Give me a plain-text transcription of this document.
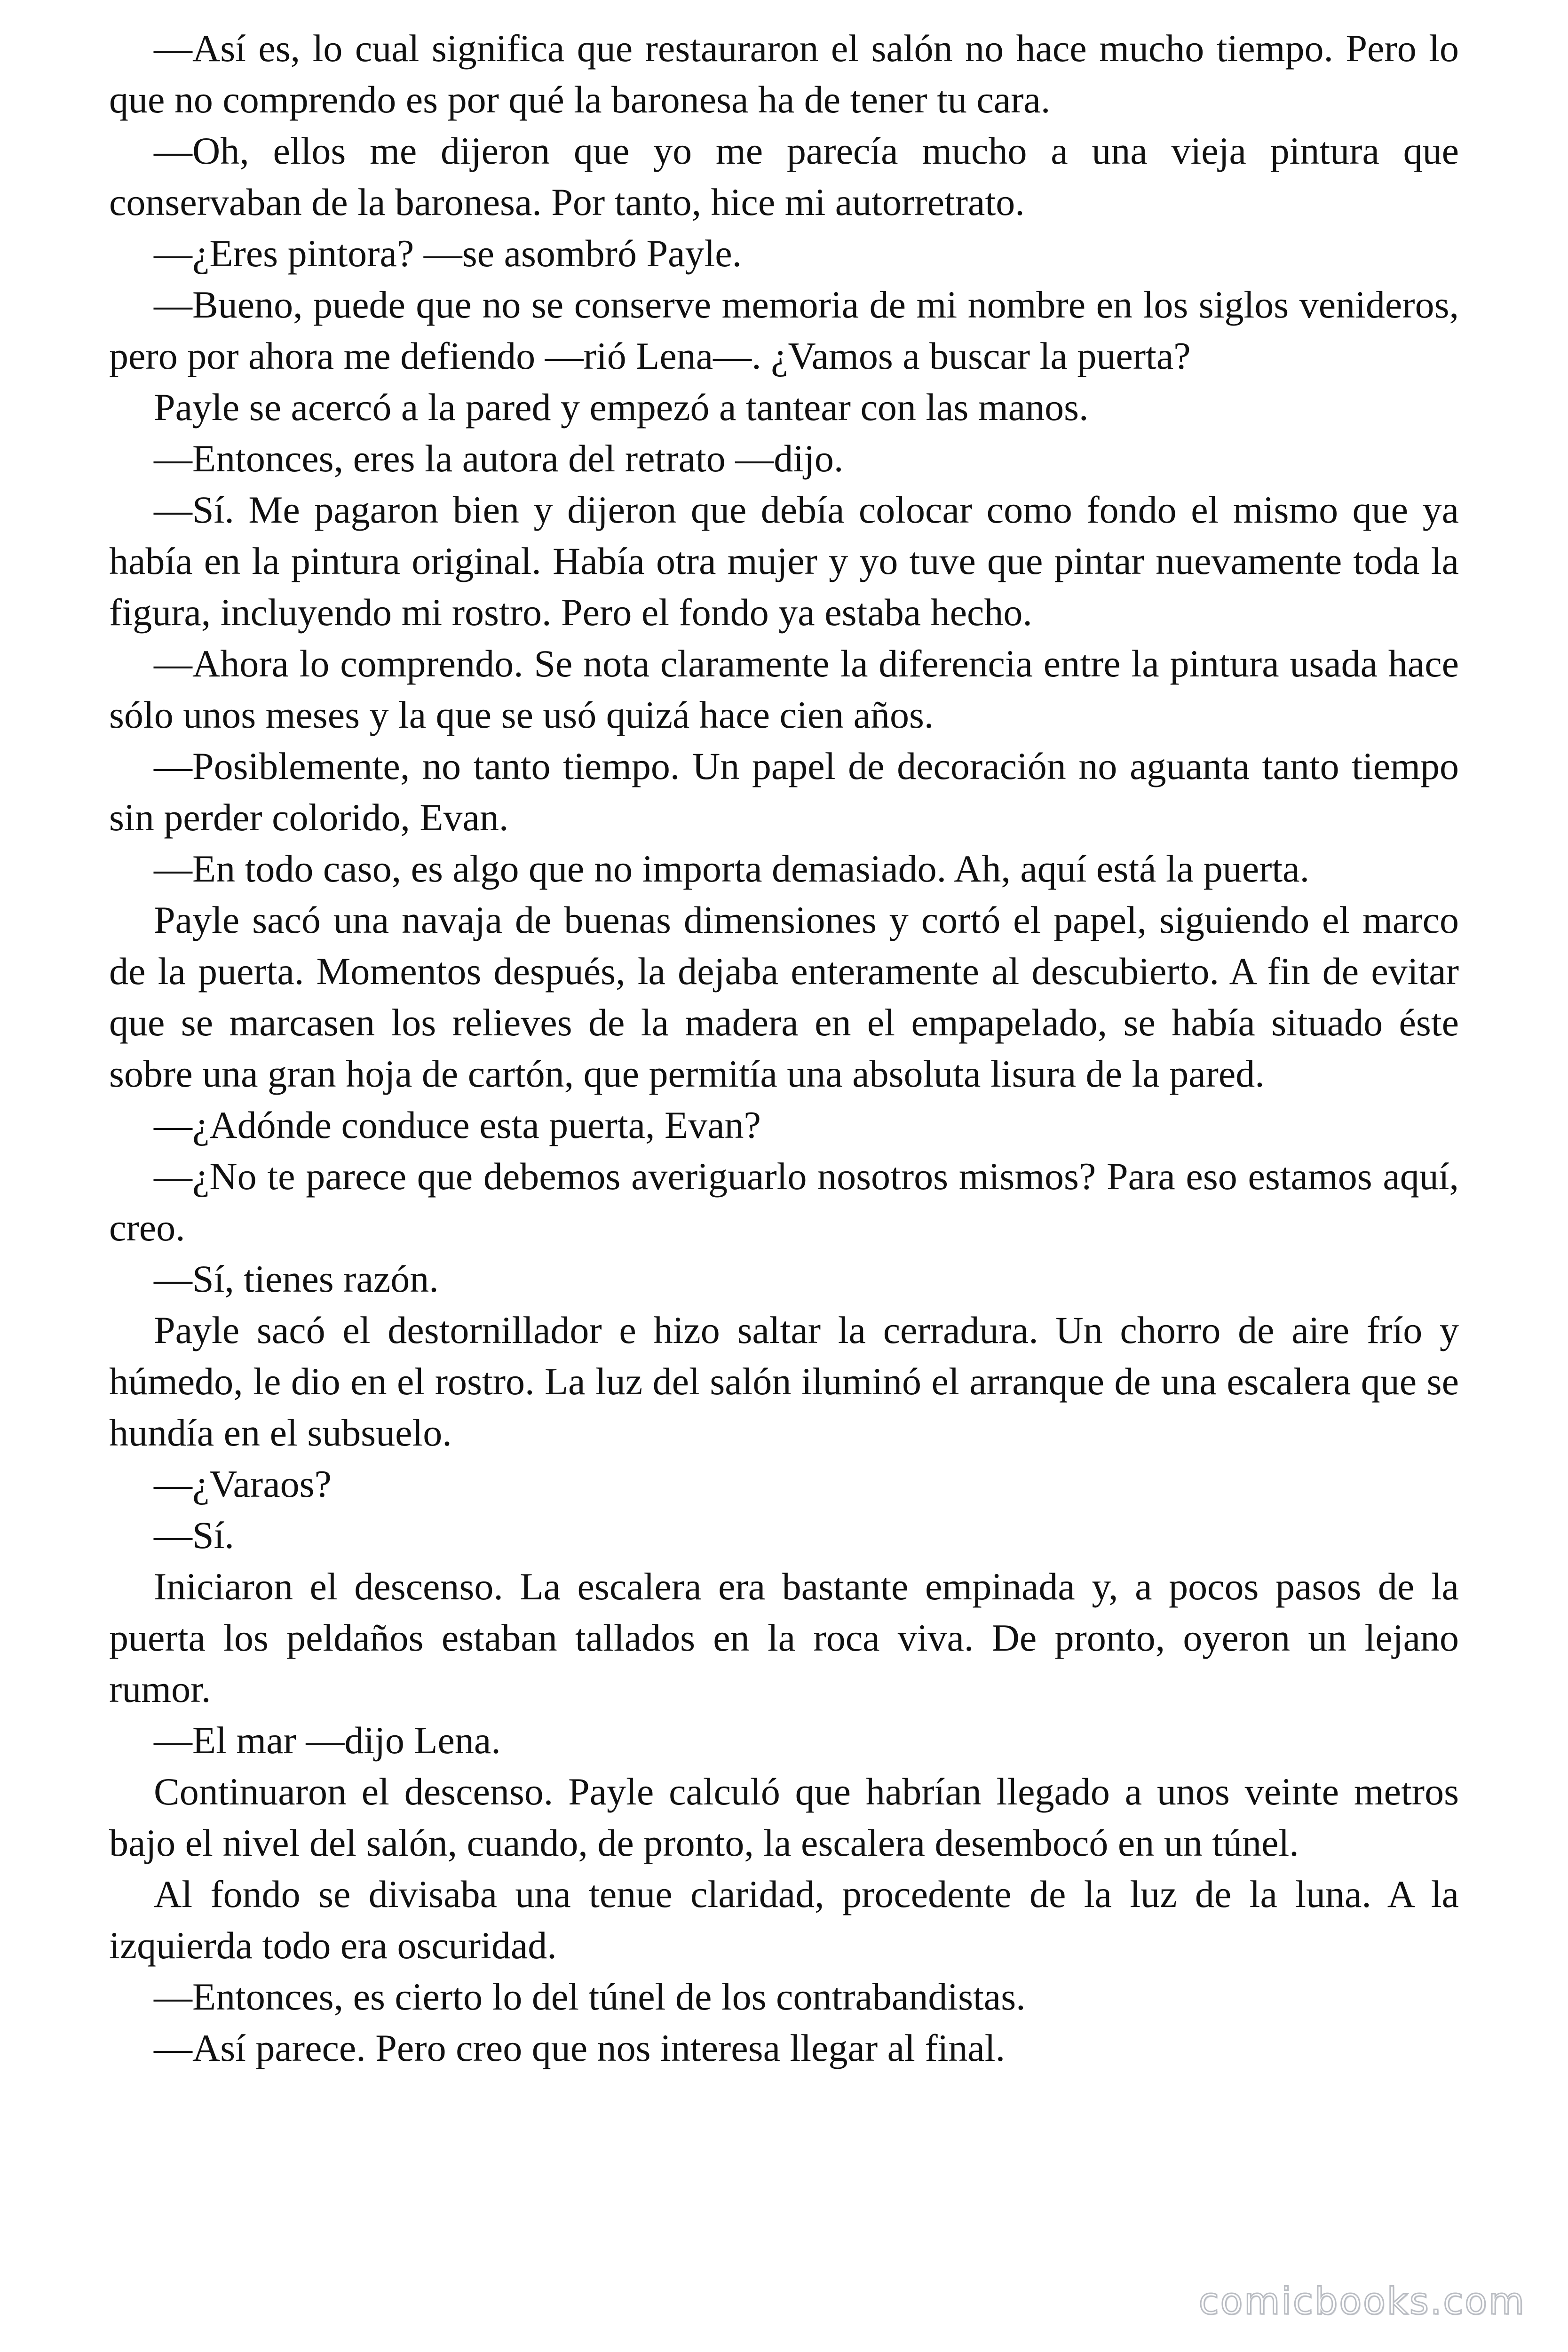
—Así es, lo cual significa que restauraron el salón no hace mucho tiempo. Pero lo que no comprendo es por qué la baronesa ha de tener tu cara.

—Oh, ellos me dijeron que yo me parecía mucho a una vieja pintura que conservaban de la baronesa. Por tanto, hice mi autorretrato.

—¿Eres pintora? —se asombró Payle.

—Bueno, puede que no se conserve memoria de mi nombre en los siglos venideros, pero por ahora me defiendo —rió Lena—. ¿Vamos a buscar la puerta?

Payle se acercó a la pared y empezó a tantear con las manos.

—Entonces, eres la autora del retrato —dijo.

—Sí. Me pagaron bien y dijeron que debía colocar como fondo el mismo que ya había en la pintura original. Había otra mujer y yo tuve que pintar nuevamente toda la figura, incluyendo mi rostro. Pero el fondo ya estaba hecho.

—Ahora lo comprendo. Se nota claramente la diferencia entre la pintura usada hace sólo unos meses y la que se usó quizá hace cien años.

—Posiblemente, no tanto tiempo. Un papel de decoración no aguanta tanto tiempo sin perder colorido, Evan.

—En todo caso, es algo que no importa demasiado. Ah, aquí está la puerta.

Payle sacó una navaja de buenas dimensiones y cortó el papel, siguiendo el marco de la puerta. Momentos después, la dejaba enteramente al descubierto. A fin de evitar que se marcasen los relieves de la madera en el empapelado, se había situado éste sobre una gran hoja de cartón, que permitía una absoluta lisura de la pared.

—¿Adónde conduce esta puerta, Evan?

—¿No te parece que debemos averiguarlo nosotros mismos? Para eso estamos aquí, creo.

—Sí, tienes razón.

Payle sacó el destornillador e hizo saltar la cerradura. Un chorro de aire frío y húmedo, le dio en el rostro. La luz del salón iluminó el arranque de una escalera que se hundía en el subsuelo.

—¿Varaos?

—Sí.

Iniciaron el descenso. La escalera era bastante empinada y, a pocos pasos de la puerta los peldaños estaban tallados en la roca viva. De pronto, oyeron un lejano rumor.

—El mar —dijo Lena.

Continuaron el descenso. Payle calculó que habrían llegado a unos veinte metros bajo el nivel del salón, cuando, de pronto, la escalera desembocó en un túnel.

Al fondo se divisaba una tenue claridad, procedente de la luz de la luna. A la izquierda todo era oscuridad.

—Entonces, es cierto lo del túnel de los contrabandistas.

—Así parece. Pero creo que nos interesa llegar al final.

comicbooks.com
